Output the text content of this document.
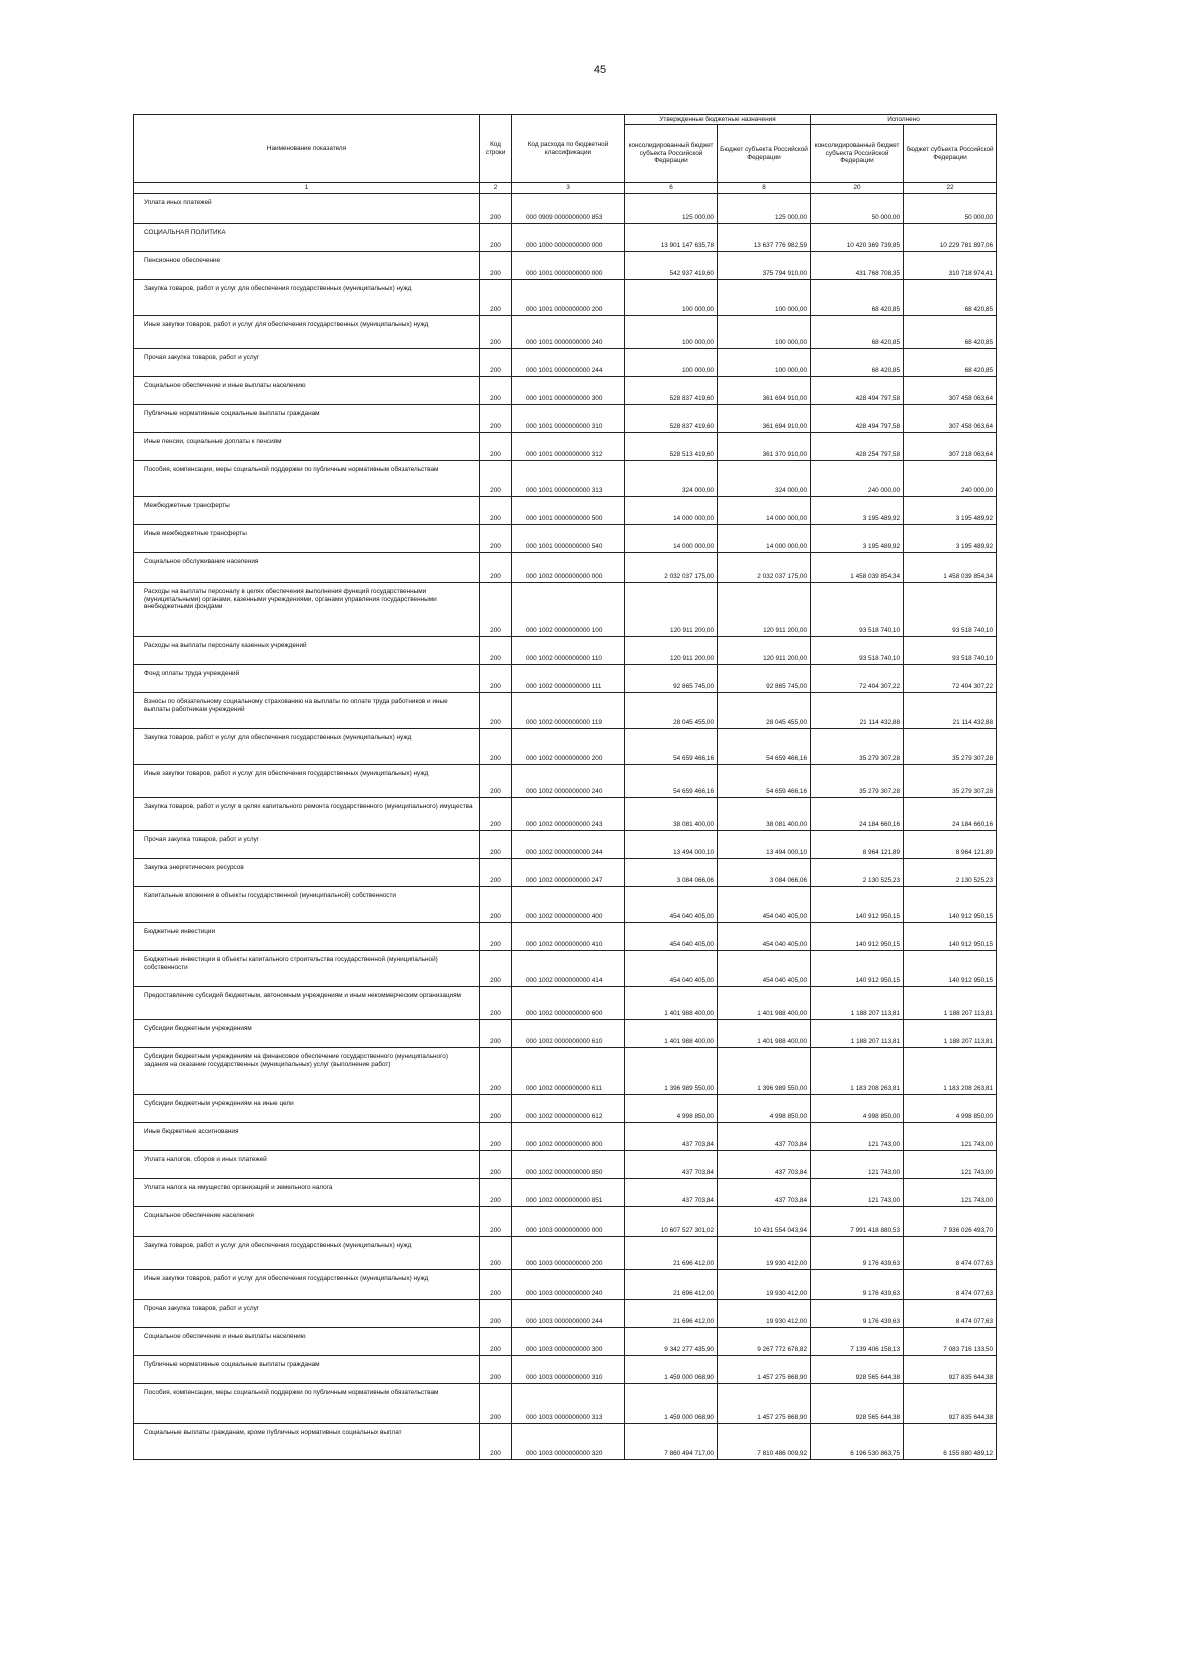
45
Наименование показателя	Код строки	Код расхода по бюджетной классификации	Утвержденные бюджетные назначения		Исполнено	
			консолидированный бюджет субъекта Российской Федерации	Бюджет субъекта Российской Федерации	консолидированный бюджет субъекта Российской Федерации	бюджет субъекта Российской Федерации
1	2	3	6	8	20	22
Уплата иных платежей	200	000 0909 0000000000 853	125 000,00	125 000,00	50 000,00	50 000,00
СОЦИАЛЬНАЯ ПОЛИТИКА	200	000 1000 0000000000 000	13 901 147 635,78	13 637 776 982,59	10 420 369 739,85	10 229 781 897,06
Пенсионное обеспечение	200	000 1001 0000000000 000	542 937 419,60	375 794 910,00	431 768 708,35	310 718 974,41
Закупка товаров, работ и услуг для обеспечения государственных (муниципальных) нужд	200	000 1001 0000000000 200	100 000,00	100 000,00	68 420,85	68 420,85
Иные закупки товаров, работ и услуг для обеспечения государственных (муниципальных) нужд	200	000 1001 0000000000 240	100 000,00	100 000,00	68 420,85	68 420,85
Прочая закупка товаров, работ и услуг	200	000 1001 0000000000 244	100 000,00	100 000,00	68 420,85	68 420,85
Социальное обеспечение и иные выплаты населению	200	000 1001 0000000000 300	528 837 419,60	361 694 910,00	428 494 797,58	307 458 063,64
Публичные нормативные социальные выплаты гражданам	200	000 1001 0000000000 310	528 837 419,60	361 694 910,00	428 494 797,58	307 458 063,64
Иные пенсии, социальные доплаты к пенсиям	200	000 1001 0000000000 312	528 513 419,60	361 370 910,00	428 254 797,58	307 218 063,64
Пособия, компенсации, меры социальной поддержки по публичным нормативным обязательствам	200	000 1001 0000000000 313	324 000,00	324 000,00	240 000,00	240 000,00
Межбюджетные трансферты	200	000 1001 0000000000 500	14 000 000,00	14 000 000,00	3 195 489,92	3 195 489,92
Иные межбюджетные трансферты	200	000 1001 0000000000 540	14 000 000,00	14 000 000,00	3 195 489,92	3 195 489,92
Социальное обслуживание населения	200	000 1002 0000000000 000	2 032 037 175,00	2 032 037 175,00	1 458 039 854,34	1 458 039 854,34
Расходы на выплаты персоналу в целях обеспечения выполнения функций государственными (муниципальными) органами, казенными учреждениями, органами управления государственными внебюджетными фондами	200	000 1002 0000000000 100	120 911 200,00	120 911 200,00	93 518 740,10	93 518 740,10
Расходы на выплаты персоналу казенных учреждений	200	000 1002 0000000000 110	120 911 200,00	120 911 200,00	93 518 740,10	93 518 740,10
Фонд оплаты труда учреждений	200	000 1002 0000000000 111	92 865 745,00	92 865 745,00	72 404 307,22	72 404 307,22
Взносы по обязательному социальному страхованию на выплаты по оплате труда работников и иные выплаты работникам учреждений	200	000 1002 0000000000 119	28 045 455,00	28 045 455,00	21 114 432,88	21 114 432,88
Закупка товаров, работ и услуг для обеспечения государственных (муниципальных) нужд	200	000 1002 0000000000 200	54 659 466,16	54 659 466,16	35 279 307,28	35 279 307,28
Иные закупки товаров, работ и услуг для обеспечения государственных (муниципальных) нужд	200	000 1002 0000000000 240	54 659 466,16	54 659 466,16	35 279 307,28	35 279 307,28
Закупка товаров, работ и услуг в целях капитального ремонта государственного (муниципального) имущества	200	000 1002 0000000000 243	38 081 400,00	38 081 400,00	24 184 660,16	24 184 660,16
Прочая закупка товаров, работ и услуг	200	000 1002 0000000000 244	13 494 000,10	13 494 000,10	8 964 121,89	8 964 121,89
Закупка энергетических ресурсов	200	000 1002 0000000000 247	3 084 066,06	3 084 066,06	2 130 525,23	2 130 525,23
Капитальные вложения в объекты государственной (муниципальной) собственности	200	000 1002 0000000000 400	454 040 405,00	454 040 405,00	140 912 950,15	140 912 950,15
Бюджетные инвестиции	200	000 1002 0000000000 410	454 040 405,00	454 040 405,00	140 912 950,15	140 912 950,15
Бюджетные инвестиции в объекты капитального строительства государственной (муниципальной) собственности	200	000 1002 0000000000 414	454 040 405,00	454 040 405,00	140 912 950,15	140 912 950,15
Предоставление субсидий бюджетным, автономным учреждениям и иным некоммерческим организациям	200	000 1002 0000000000 600	1 401 988 400,00	1 401 988 400,00	1 188 207 113,81	1 188 207 113,81
Субсидии бюджетным учреждениям	200	000 1002 0000000000 610	1 401 988 400,00	1 401 988 400,00	1 188 207 113,81	1 188 207 113,81
Субсидии бюджетным учреждениям на финансовое обеспечение государственного (муниципального) задания на оказание государственных (муниципальных) услуг (выполнение работ)	200	000 1002 0000000000 611	1 396 989 550,00	1 396 989 550,00	1 183 208 263,81	1 183 208 263,81
Субсидии бюджетным учреждениям на иные цели	200	000 1002 0000000000 612	4 998 850,00	4 998 850,00	4 998 850,00	4 998 850,00
Иные бюджетные ассигнования	200	000 1002 0000000000 800	437 703,84	437 703,84	121 743,00	121 743,00
Уплата налогов, сборов и иных платежей	200	000 1002 0000000000 850	437 703,84	437 703,84	121 743,00	121 743,00
Уплата налога на имущество организаций и земельного налога	200	000 1002 0000000000 851	437 703,84	437 703,84	121 743,00	121 743,00
Социальное обеспечение населения	200	000 1003 0000000000 000	10 607 527 301,02	10 431 554 043,94	7 991 418 880,53	7 936 026 493,70
Закупка товаров, работ и услуг для обеспечения государственных (муниципальных) нужд	200	000 1003 0000000000 200	21 696 412,00	19 930 412,00	9 176 439,63	8 474 077,63
Иные закупки товаров, работ и услуг для обеспечения государственных (муниципальных) нужд	200	000 1003 0000000000 240	21 696 412,00	19 930 412,00	9 176 439,63	8 474 077,63
Прочая закупка товаров, работ и услуг	200	000 1003 0000000000 244	21 696 412,00	19 930 412,00	9 176 439,63	8 474 077,63
Социальное обеспечение и иные выплаты населению	200	000 1003 0000000000 300	9 342 277 435,90	9 267 772 678,82	7 139 406 158,13	7 083 716 133,50
Публичные нормативные социальные выплаты гражданам	200	000 1003 0000000000 310	1 459 000 068,90	1 457 275 668,90	928 565 644,38	927 835 644,38
Пособия, компенсации, меры социальной поддержки по публичным нормативным обязательствам	200	000 1003 0000000000 313	1 459 000 068,90	1 457 275 668,90	928 565 644,38	927 835 644,38
Социальные выплаты гражданам, кроме публичных нормативных социальных выплат	200	000 1003 0000000000 320	7 860 494 717,00	7 810 486 009,92	6 196 530 863,75	6 155 880 489,12
